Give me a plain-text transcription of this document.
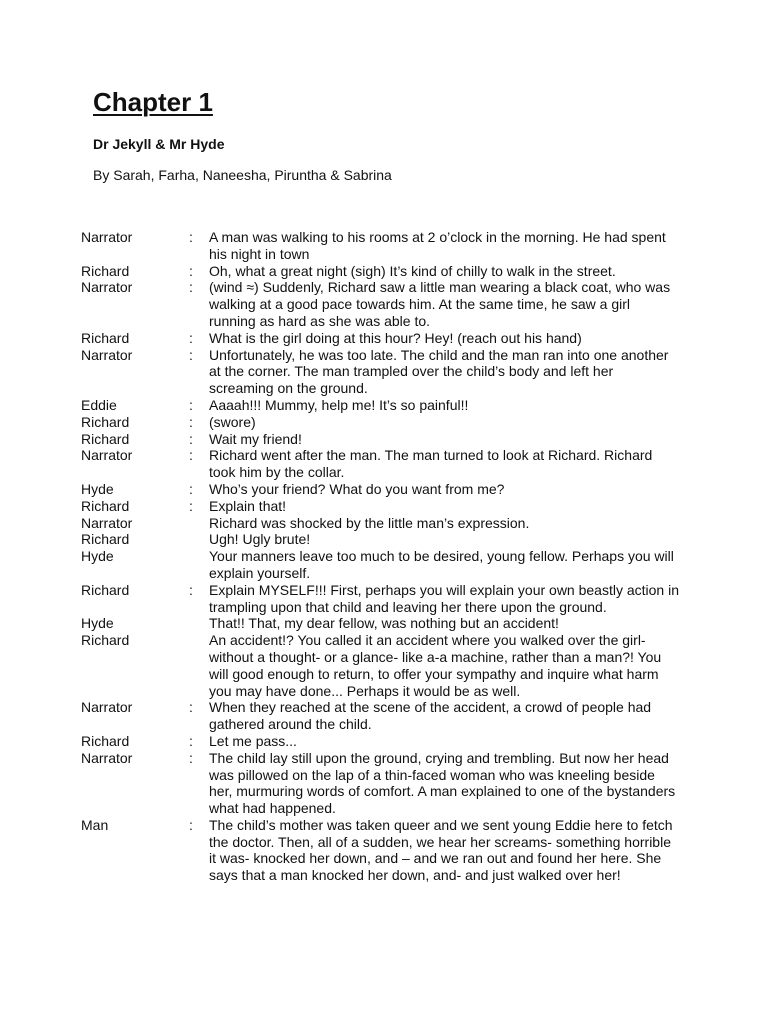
Chapter 1

Dr Jekyll & Mr Hyde

By Sarah, Farha, Naneesha, Piruntha & Sabrina

Narrator	:	A man was walking to his rooms at 2 o’clock in the morning. He had spent his night in town
Richard	:	Oh, what a great night (sigh) It’s kind of chilly to walk in the street.
Narrator	:	(wind ≈) Suddenly, Richard saw a little man wearing a black coat, who was walking at a good pace towards him. At the same time, he saw a girl running as hard as she was able to.
Richard	:	What is the girl doing at this hour? Hey! (reach out his hand)
Narrator	:	Unfortunately, he was too late. The child and the man ran into one another at the corner. The man trampled over the child’s body and left her screaming on the ground.
Eddie	:	Aaaah!!! Mummy, help me! It’s so painful!!
Richard	:	(swore)
Richard	:	Wait my friend!
Narrator	:	Richard went after the man. The man turned to look at Richard. Richard took him by the collar.
Hyde	:	Who’s your friend? What do you want from me?
Richard	:	Explain that!
Narrator	Richard was shocked by the little man’s expression.
Richard	Ugh! Ugly brute!
Hyde	Your manners leave too much to be desired, young fellow. Perhaps you will explain yourself.
Richard	:	Explain MYSELF!!! First, perhaps you will explain your own beastly action in trampling upon that child and leaving her there upon the ground.
Hyde	That!! That, my dear fellow, was nothing but an accident!
Richard	An accident!? You called it an accident where you walked over the girl- without a thought- or a glance- like a-a machine, rather than a man?! You will good enough to return, to offer your sympathy and inquire what harm you may have done... Perhaps it would be as well.
Narrator	:	When they reached at the scene of the accident, a crowd of people had gathered around the child.
Richard	:	Let me pass...
Narrator	:	The child lay still upon the ground, crying and trembling. But now her head was pillowed on the lap of a thin-faced woman who was kneeling beside her, murmuring words of comfort. A man explained to one of the bystanders what had happened.
Man	:	The child’s mother was taken queer and we sent young Eddie here to fetch the doctor. Then, all of a sudden, we hear her screams- something horrible it was- knocked her down, and – and we ran out and found her here. She says that a man knocked her down, and- and just walked over her!
